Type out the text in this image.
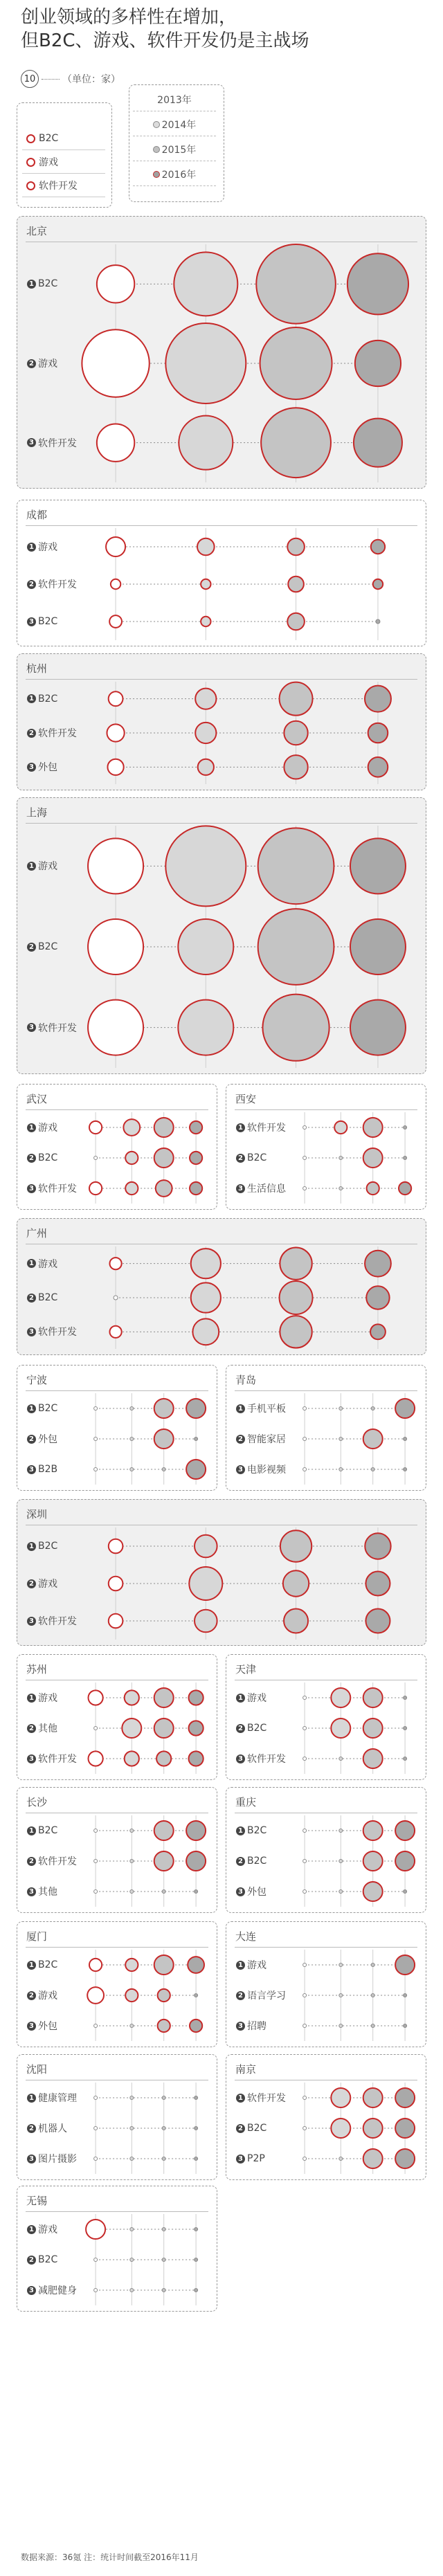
创业领域的多样性在增加，
但B2C、游戏、软件开发仍是主战场
10	（单位：家）
B2C
游戏
软件开发
2013年
2014年
2015年
2016年
北京
1 B2C
2 游戏
3 软件开发
成都
1 游戏
2 软件开发
3 B2C
杭州
1 B2C
2 软件开发
3 外包
上海
1 游戏
2 B2C
3 软件开发
武汉
1 游戏
2 B2C
3 软件开发
西安
1 软件开发
2 B2C
3 生活信息
广州
1 游戏
2 B2C
3 软件开发
宁波
1 B2C
2 外包
3 B2B
青岛
1 手机平板
2 智能家居
3 电影视频
深圳
1 B2C
2 游戏
3 软件开发
苏州
1 游戏
2 其他
3 软件开发
天津
1 游戏
2 B2C
3 软件开发
长沙
1 B2C
2 软件开发
3 其他
重庆
1 B2C
2 B2C
3 外包
厦门
1 B2C
2 游戏
3 外包
大连
1 游戏
2 语言学习
3 招聘
沈阳
1 健康管理
2 机器人
3 图片摄影
南京
1 软件开发
2 B2C
3 P2P
无锡
1 游戏
2 B2C
3 减肥健身
数据来源：36氪 注：统计时间截至2016年11月
